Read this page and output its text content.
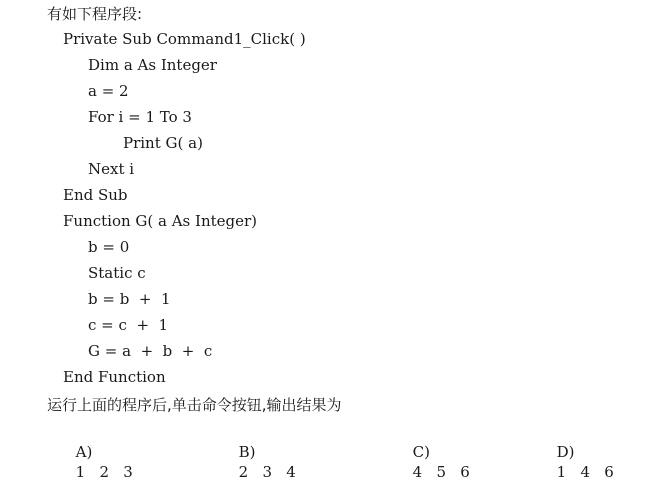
有如下程序段:
Private Sub Command1_Click( )
Dim a As Integer
a = 2
For i = 1 To 3
Print G( a)
Next i
End Sub
Function G( a As Integer)
b = 0
Static c
b = b  +  1
c = c  +  1
G = a  +  b  +  c
End Function
运行上面的程序后,单击命令按钮,输出结果为

A)
1   2   3

B)
2   3   4

C)
4   5   6

D)
1   4   6
